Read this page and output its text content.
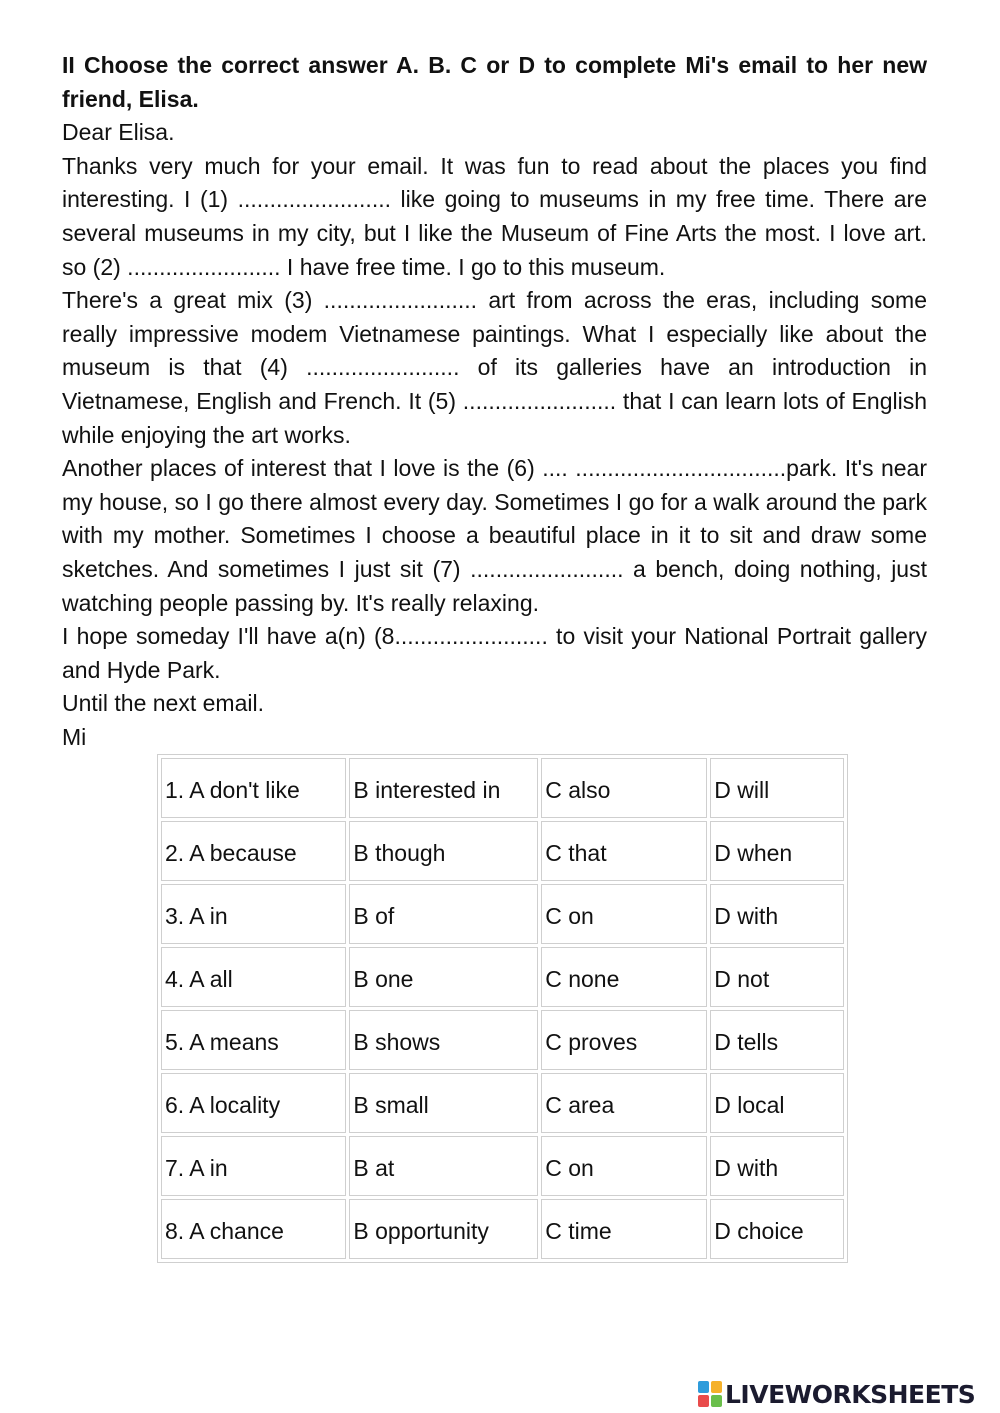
II Choose the correct answer A. B. C or D to complete Mi's email to her new friend, Elisa.

Dear Elisa.

Thanks very much for your email. It was fun to read about the places you find interesting. I (1) ........................ like going to museums in my free time. There are several museums in my city, but I like the Museum of Fine Arts the most. I love art. so (2) ........................ I have free time. I go to this museum.

There's a great mix (3) ........................ art from across the eras, including some really impressive modem Vietnamese paintings. What I especially like about the museum is that (4) ........................ of its galleries have an introduction in Vietnamese, English and French. It (5) ........................ that I can learn lots of English while enjoying the art works.

Another places of interest that I love is the (6) .... .................................park. It's near my house, so I go there almost every day. Sometimes I go for a walk around the park with my mother. Sometimes I choose a beautiful place in it to sit and draw some sketches. And sometimes I just sit (7) ........................ a bench, doing nothing, just watching people passing by. It's really relaxing.

I hope someday I'll have a(n) (8........................ to visit your National Portrait gallery and Hyde Park.

Until the next email.

Mi

1. A don't like	B interested in	C also	D will
2. A because	B though	C that	D when
3. A in	B of	C on	D with
4. A all	B one	C none	D not
5. A means	B shows	C proves	D tells
6. A locality	B small	C area	D local
7. A in	B at	C on	D with
8. A chance	B opportunity	C time	D choice
LIVEWORKSHEETS
